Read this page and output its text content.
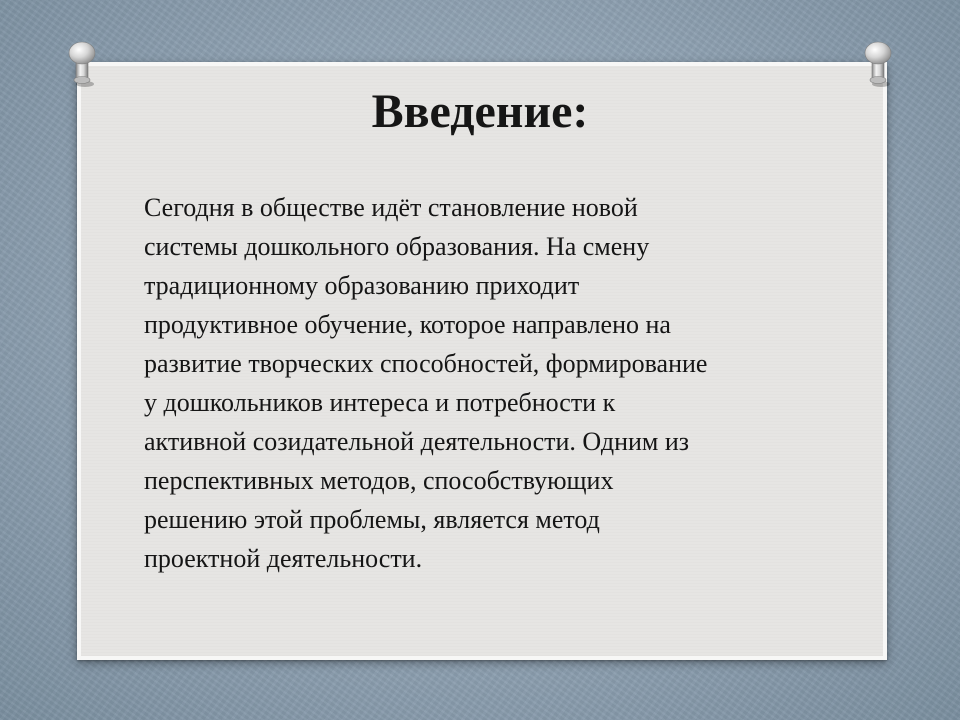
Введение:
Сегодня в обществе идёт становление новой
системы дошкольного образования. На смену
традиционному образованию приходит
продуктивное обучение, которое направлено на
развитие творческих способностей, формирование
у дошкольников интереса и потребности к
активной созидательной деятельности. Одним из
перспективных методов, способствующих
решению этой проблемы, является метод
проектной деятельности.
